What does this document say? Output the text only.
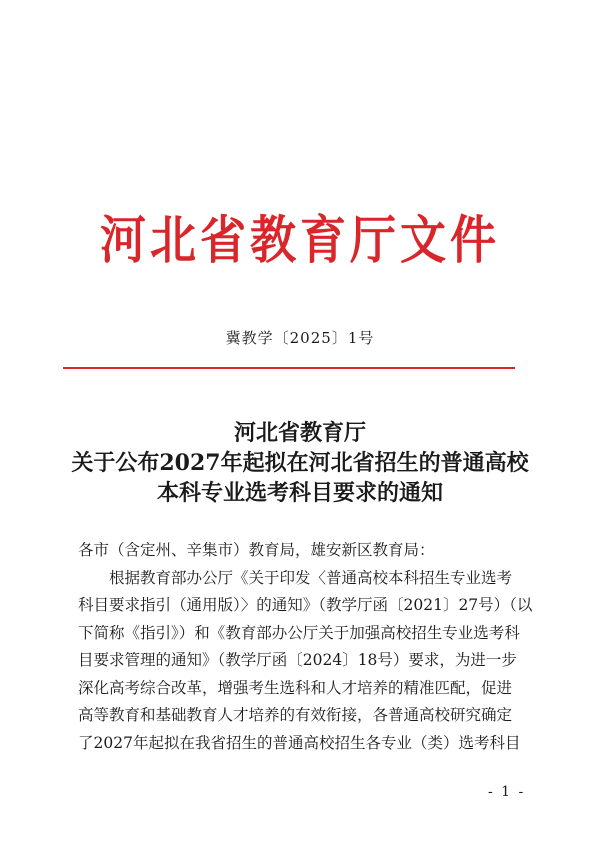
河北省教育厅文件
冀教学〔2025〕1号
河北省教育厅
关于公布2027年起拟在河北省招生的普通高校
本科专业选考科目要求的通知

各市（含定州、辛集市）教育局，雄安新区教育局：

根据教育部办公厅《关于印发〈普通高校本科招生专业选考

科目要求指引（通用版）〉的通知》（教学厅函〔2021〕27号）（以

下简称《指引》）和《教育部办公厅关于加强高校招生专业选考科

目要求管理的通知》（教学厅函〔2024〕18号）要求，为进一步

深化高考综合改革，增强考生选科和人才培养的精准匹配，促进

高等教育和基础教育人才培养的有效衔接，各普通高校研究确定

了2027年起拟在我省招生的普通高校招生各专业（类）选考科目

- 1 -
